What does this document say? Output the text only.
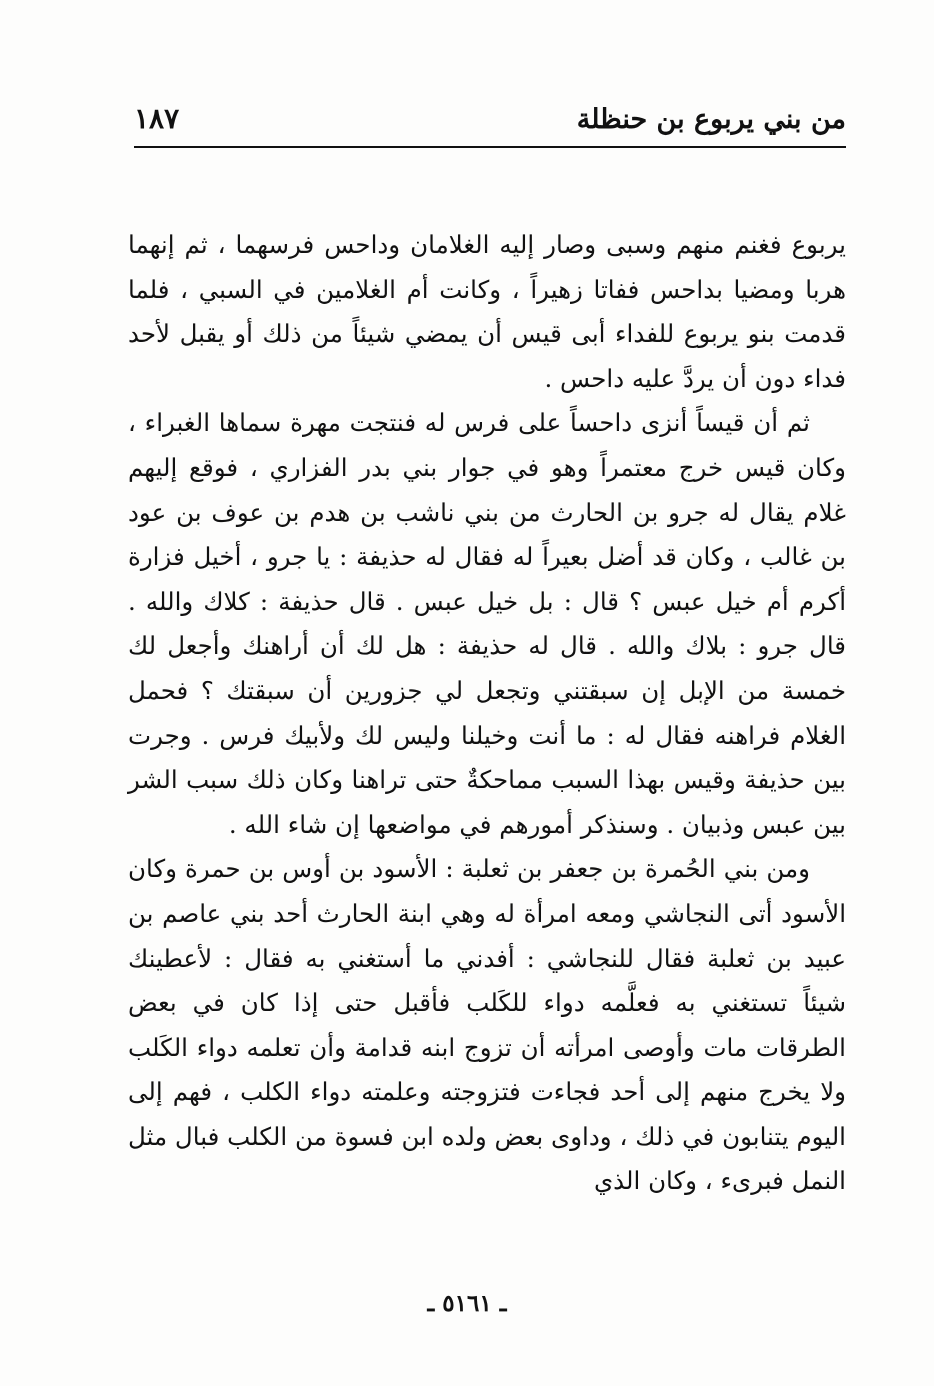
من بني يربوع بن حنظلة
١٨٧

يربوع فغنم منهم وسبى وصار إليه الغلامان وداحس فرسهما ، ثم إنهما هربا ومضيا بداحس ففاتا زهيراً ، وكانت أم الغلامين في السبي ، فلما قدمت بنو يربوع للفداء أبى قيس أن يمضي شيئاً من ذلك أو يقبل لأحد فداء دون أن يردَّ عليه داحس .

ثم أن قيساً أنزى داحساً على فرس له فنتجت مهرة سماها الغبراء ، وكان قيس خرج معتمراً وهو في جوار بني بدر الفزاري ، فوقع إليهم غلام يقال له جرو بن الحارث من بني ناشب بن هدم بن عوف بن عود بن غالب ، وكان قد أضل بعيراً له فقال له حذيفة : يا جرو ، أخيل فزارة أكرم أم خيل عبس ؟ قال : بل خيل عبس . قال حذيفة : كلاك والله . قال جرو : بلاك والله . قال له حذيفة : هل لك أن أراهنك وأجعل لك خمسة من الإبل إن سبقتني وتجعل لي جزورين أن سبقتك ؟ فحمل الغلام فراهنه فقال له : ما أنت وخيلنا وليس لك ولأبيك فرس . وجرت بين حذيفة وقيس بهذا السبب مماحكةٌ حتى تراهنا وكان ذلك سبب الشر بين عبس وذبيان . وسنذكر أمورهم في مواضعها إن شاء الله .

ومن بني الحُمرة بن جعفر بن ثعلبة : الأسود بن أوس بن حمرة وكان الأسود أتى النجاشي ومعه امرأة له وهي ابنة الحارث أحد بني عاصم بن عبيد بن ثعلبة فقال للنجاشي : أفدني ما أستغني به فقال : لأعطينك شيئاً تستغني به فعلَّمه دواء للكَلب فأقبل حتى إذا كان في بعض الطرقات مات وأوصى امرأته أن تزوج ابنه قدامة وأن تعلمه دواء الكَلب ولا يخرج منهم إلى أحد فجاءت فتزوجته وعلمته دواء الكلب ، فهم إلى اليوم يتنابون في ذلك ، وداوى بعض ولده ابن فسوة من الكلب فبال مثل النمل فبرىء ، وكان الذي

ـ ٥١٦١ ـ
